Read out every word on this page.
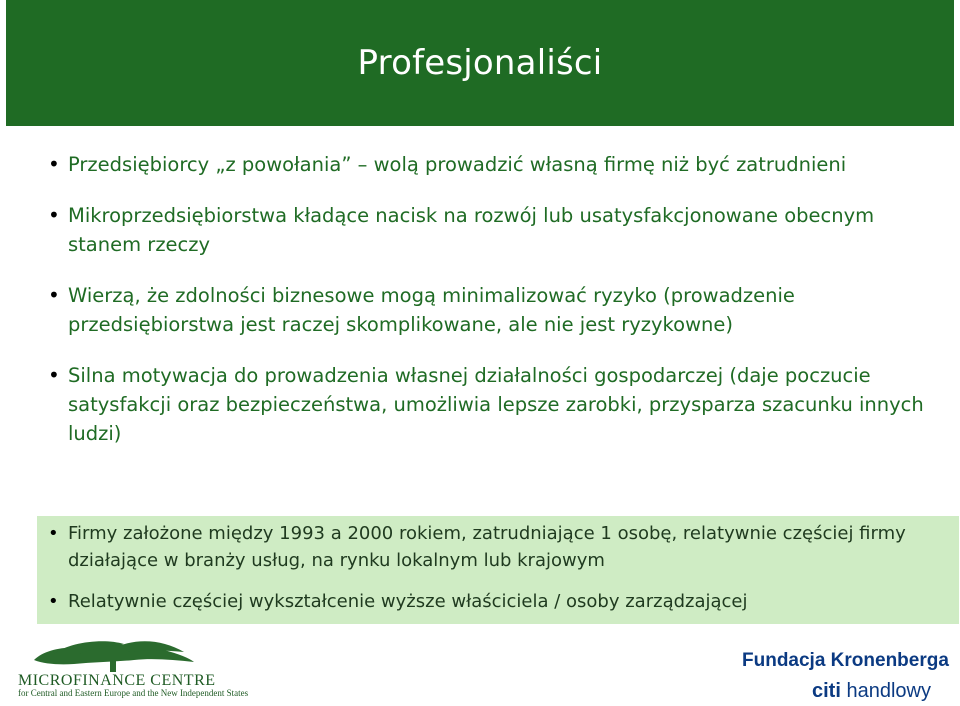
Profesjonaliści
• Przedsiębiorcy „z powołania” – wolą prowadzić własną firmę niż być zatrudnieni
• Mikroprzedsiębiorstwa kładące nacisk na rozwój lub usatysfakcjonowane obecnym stanem rzeczy
• Wierzą, że zdolności biznesowe mogą minimalizować ryzyko (prowadzenie przedsiębiorstwa jest raczej skomplikowane, ale nie jest ryzykowne)
• Silna motywacja do prowadzenia własnej działalności gospodarczej (daje poczucie satysfakcji oraz bezpieczeństwa, umożliwia lepsze zarobki, przysparza szacunku innych ludzi)
• Firmy założone między 1993 a 2000 rokiem, zatrudniające 1 osobę, relatywnie częściej firmy działające w branży usług, na rynku lokalnym lub krajowym
• Relatywnie częściej wykształcenie wyższe właściciela / osoby zarządzającej
MICROFINANCE CENTRE
for Central and Eastern Europe and the New Independent States
Fundacja Kronenberga
citi handlowy
